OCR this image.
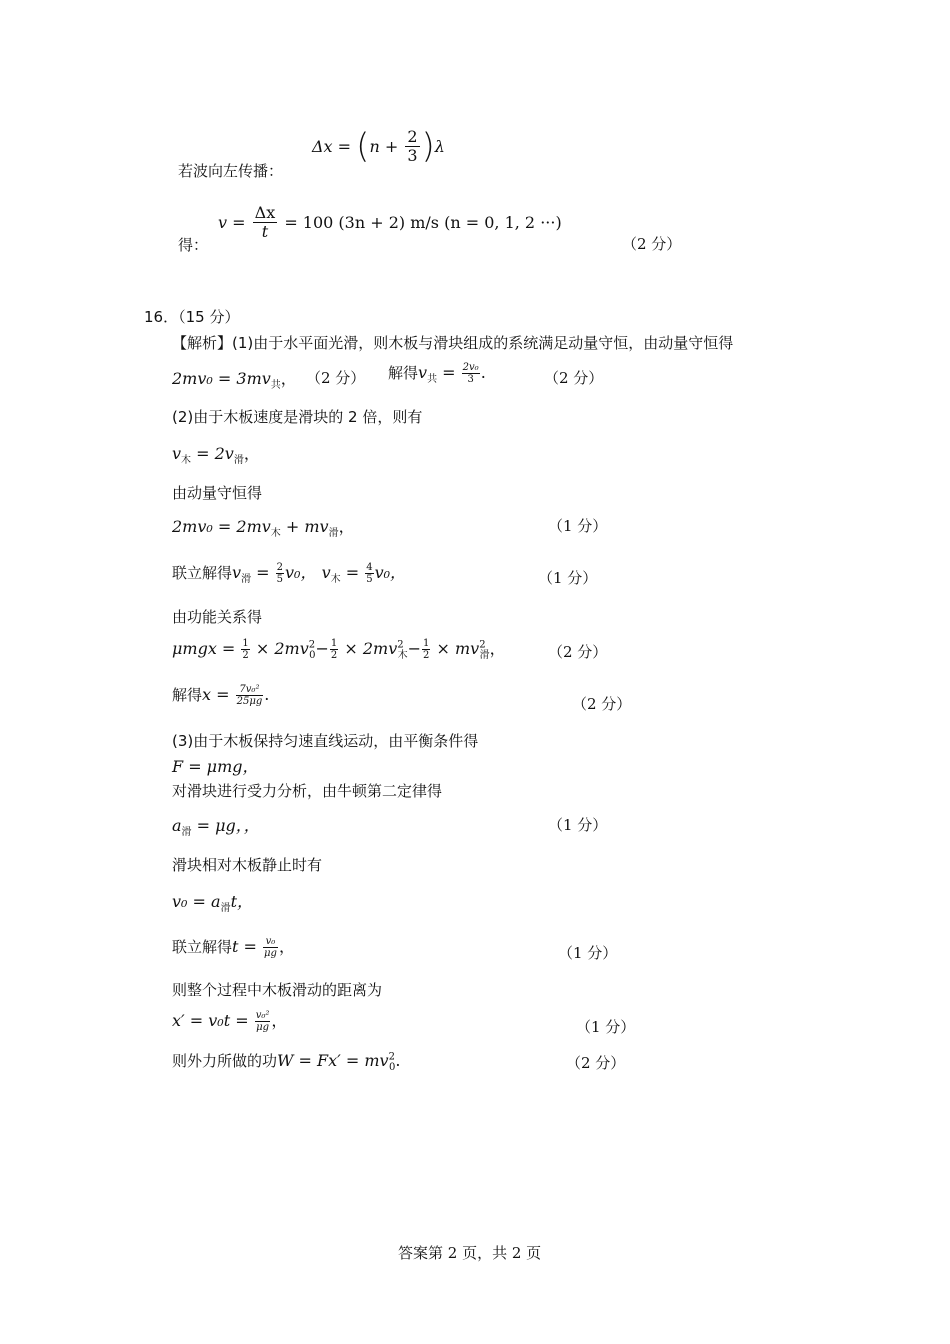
$\Delta x = (n + \frac{2}{3} )\lambda$
若波向左传播：
$v = \frac{\Delta x}{t} = 100$ (3n + 2) m/s (n = 0, 1, 2 ···)
得：	（2 分）
16．（15 分）
【解析】(1)由于水平面光滑，则木板与滑块组成的系统满足动量守恒，由动量守恒得
$2mv_0 = 3mv_共$， （2 分） 解得$v_共 = \frac{\text{2v₀}}{3}$ .	（2 分）
(2)由于木板速度是滑块的 2 倍，则有
$v_木 = 2v_滑$，
由动量守恒得
$2mv_0 = 2mv_木 + mv_滑$，	（1 分）
联立解得$v_滑 = \frac{2}{5} v_0$， $v_木 = \frac{4}{5} v_0$，	（1 分）
由功能关系得
$\mu mgx = \frac{1}{2} \times 2mv^2_0- \frac{1}{2} \times 2mv^2_木- \frac{1}{2} \times mv^2_滑$，	（2 分）
解得$x = \frac{\text{7v₀²}}{25\mu g}$ .	（2 分）
(3)由于木板保持匀速直线运动，由平衡条件得
F = μmg，
对滑块进行受力分析，由牛顿第二定律得
$a_滑 = \mu g$，，	（1 分）
滑块相对木板静止时有
$v_0 = a_滑t$，
联立解得$t = \frac{\text{v₀}}{\mu g}$ ，	（1 分）
则整个过程中木板滑动的距离为
$x' = v_0t = \frac{\text{v₀²}}{\mu g}$ ，	（1 分）
则外力所做的功$W = Fx' = mv^2_0$.	（2 分）
答案第 2 页，共 2 页
